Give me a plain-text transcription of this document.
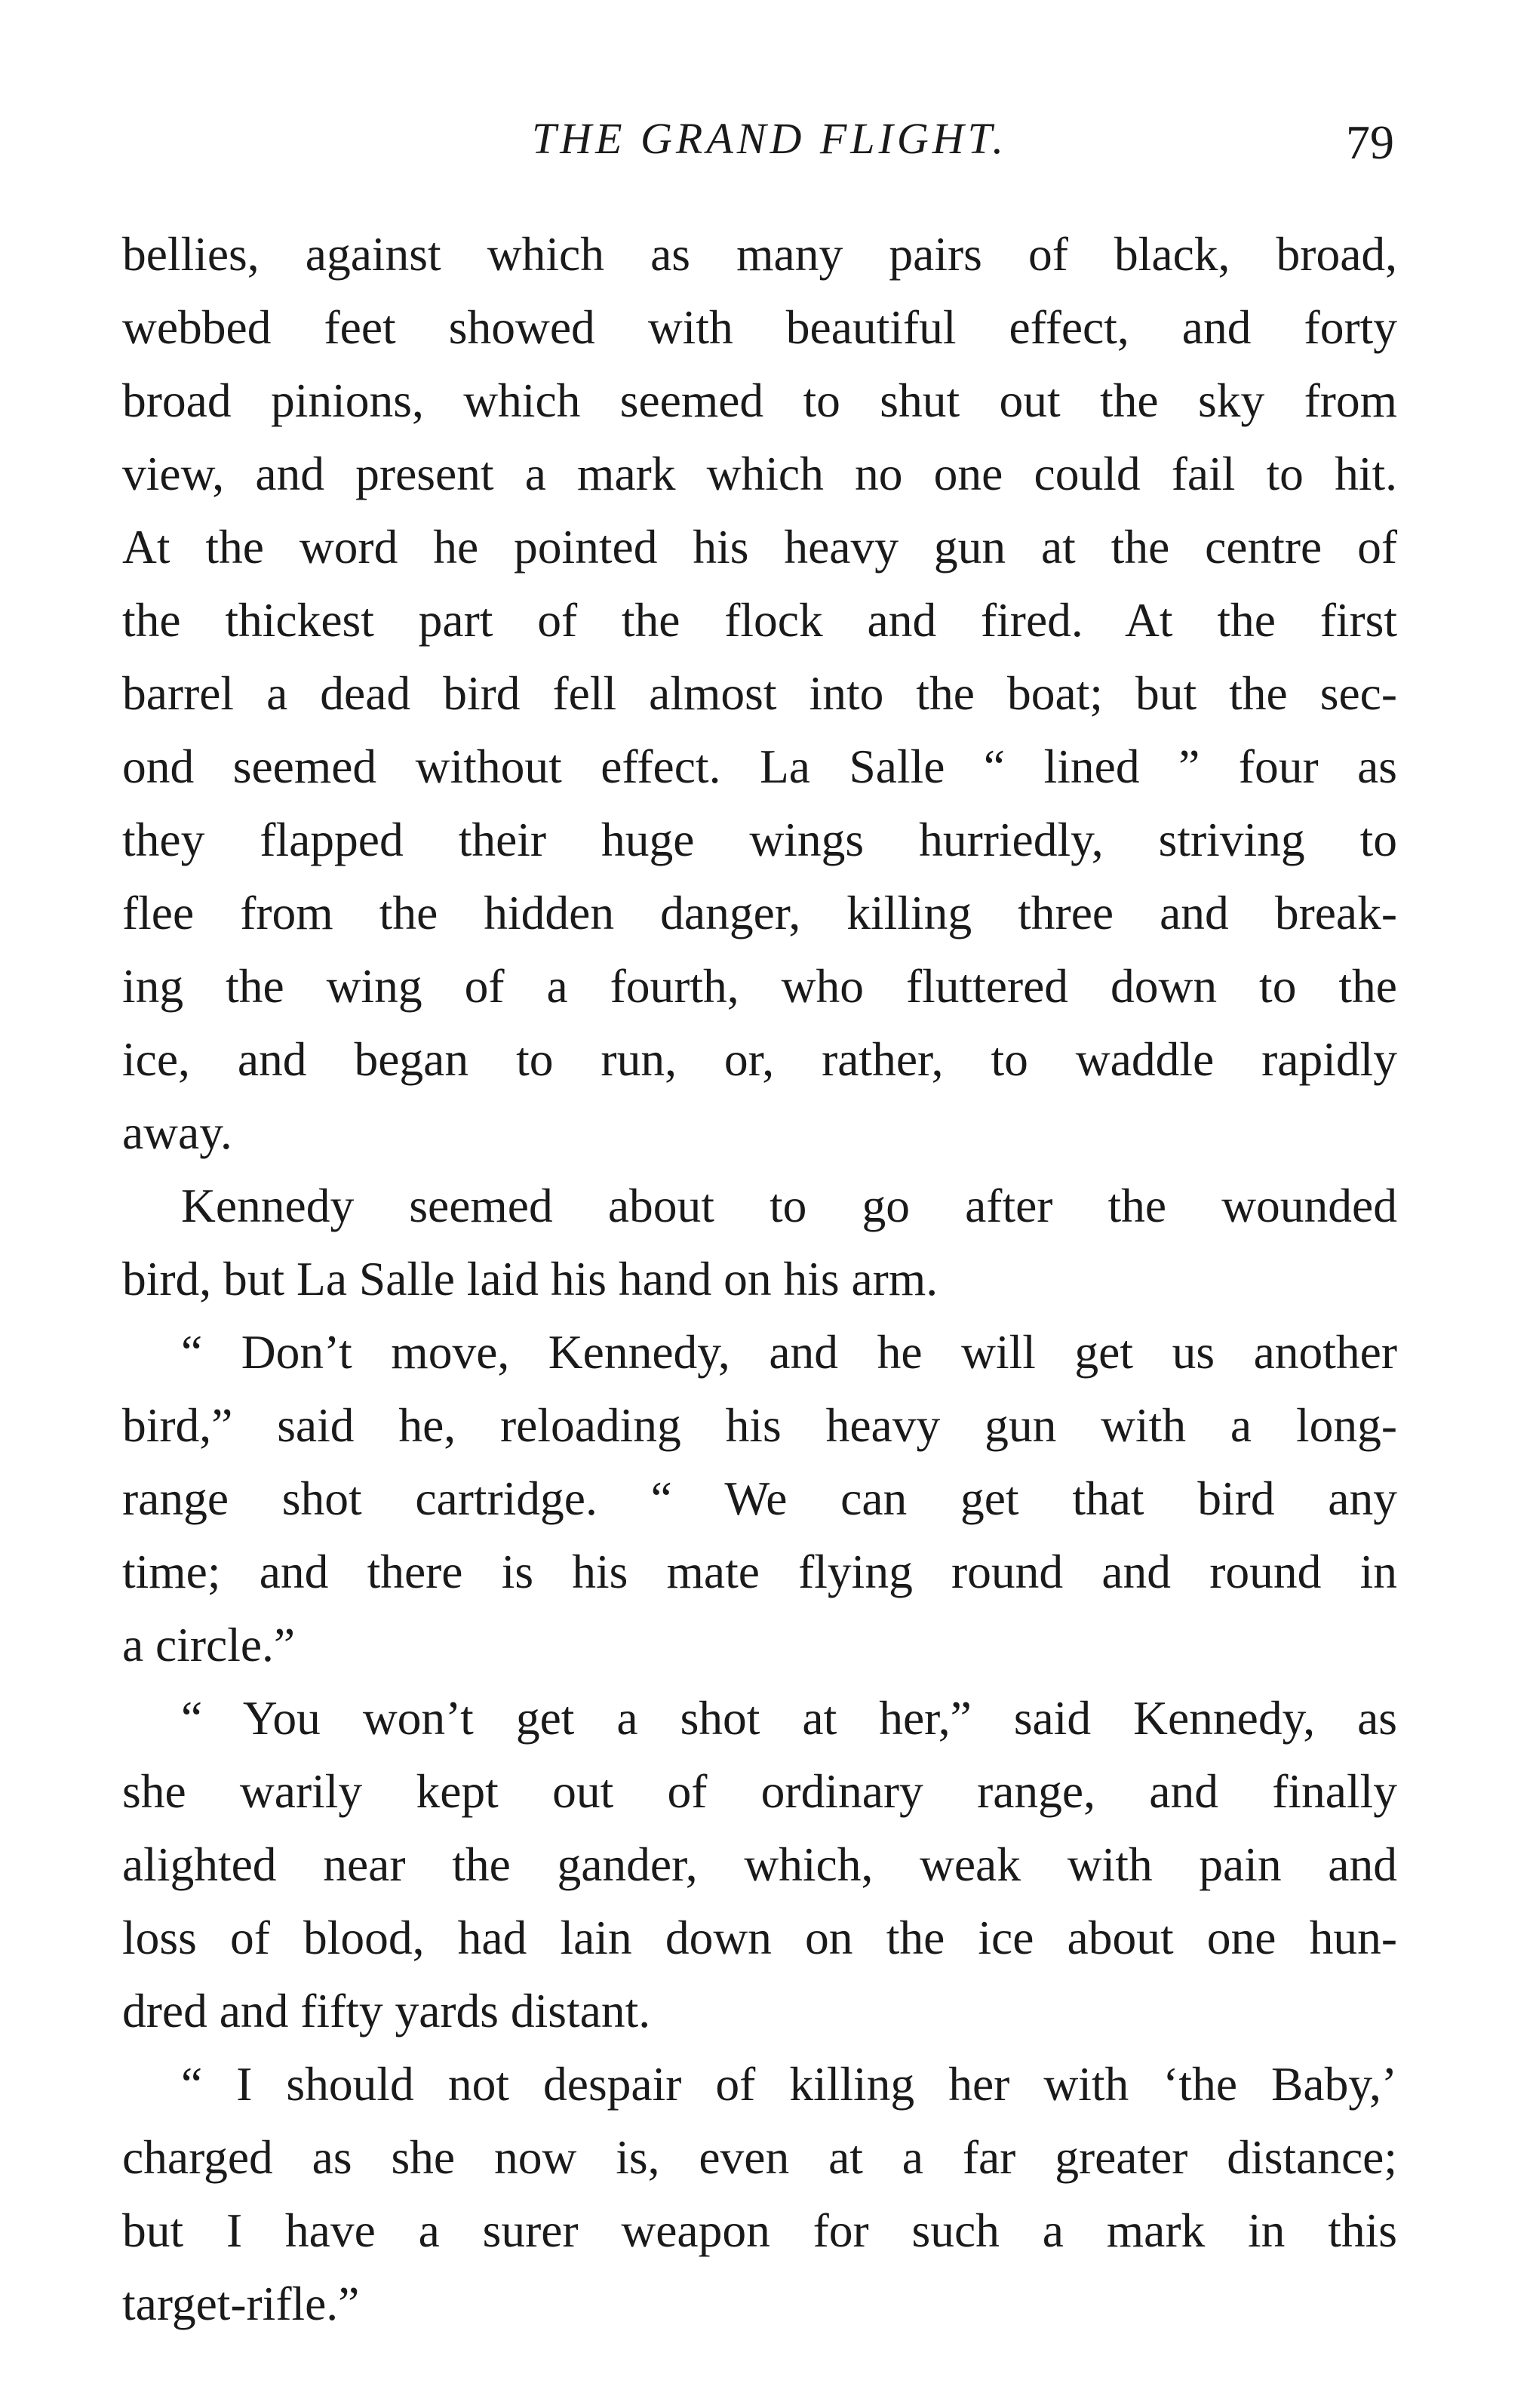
THE GRAND FLIGHT.	79
bellies, against which as many pairs of black, broad,
webbed feet showed with beautiful effect, and forty
broad pinions, which seemed to shut out the sky from
view, and present a mark which no one could fail to hit.
At the word he pointed his heavy gun at the centre of
the thickest part of the flock and fired. At the first
barrel a dead bird fell almost into the boat; but the sec-
ond seemed without effect. La Salle “ lined ” four as
they flapped their huge wings hurriedly, striving to
flee from the hidden danger, killing three and break-
ing the wing of a fourth, who fluttered down to the
ice, and began to run, or, rather, to waddle rapidly
away.
Kennedy seemed about to go after the wounded
bird, but La Salle laid his hand on his arm.
“ Don’t move, Kennedy, and he will get us another
bird,” said he, reloading his heavy gun with a long-
range shot cartridge. “ We can get that bird any
time; and there is his mate flying round and round in
a circle.”
“ You won’t get a shot at her,” said Kennedy, as
she warily kept out of ordinary range, and finally
alighted near the gander, which, weak with pain and
loss of blood, had lain down on the ice about one hun-
dred and fifty yards distant.
“ I should not despair of killing her with ‘the Baby,’
charged as she now is, even at a far greater distance;
but I have a surer weapon for such a mark in this
target-rifle.”
